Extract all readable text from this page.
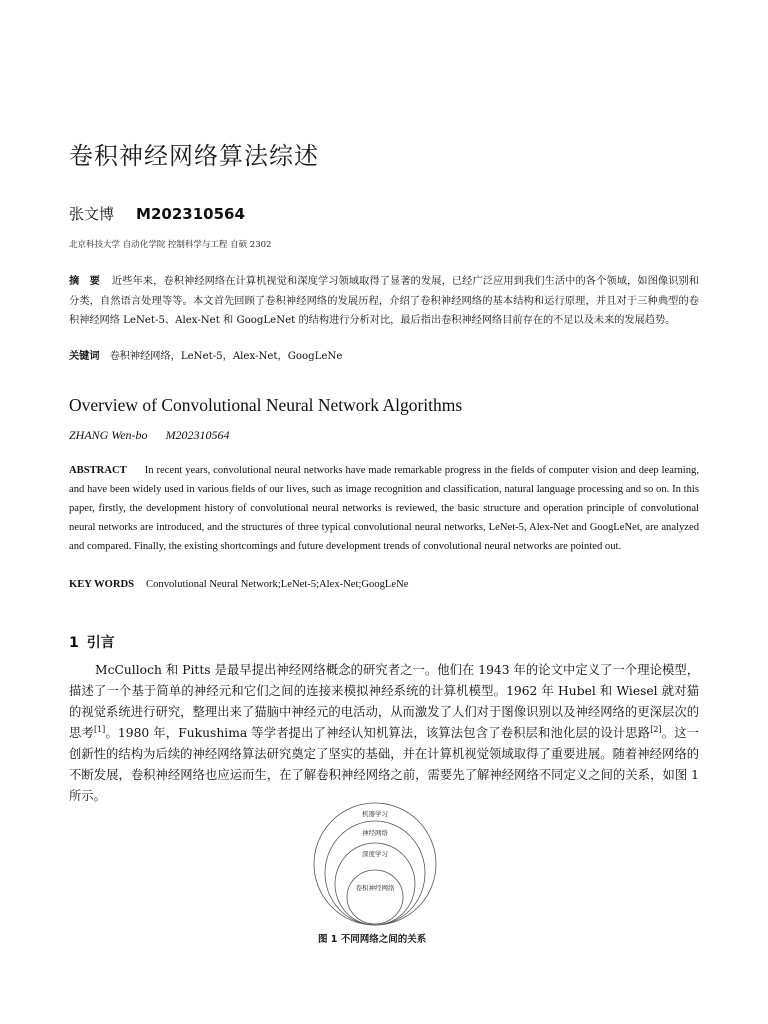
卷积神经网络算法综述
张文博 M202310564
北京科技大学 自动化学院 控制科学与工程 自硕 2302
摘　要 近些年来，卷积神经网络在计算机视觉和深度学习领域取得了显著的发展，已经广泛应用到我们生活中的各个领域，如图像识别和分类，自然语言处理等等。本文首先回顾了卷积神经网络的发展历程，介绍了卷积神经网络的基本结构和运行原理，并且对于三种典型的卷积神经网络 LeNet-5、Alex-Net 和 GoogLeNet 的结构进行分析对比，最后指出卷积神经网络目前存在的不足以及未来的发展趋势。
关键词 卷积神经网络，LeNet-5，Alex-Net，GoogLeNe
Overview of Convolutional Neural Network Algorithms
ZHANG Wen-bo M202310564
ABSTRACT In recent years, convolutional neural networks have made remarkable progress in the fields of computer vision and deep learning, and have been widely used in various fields of our lives, such as image recognition and classification, natural language processing and so on. In this paper, firstly, the development history of convolutional neural networks is reviewed, the basic structure and operation principle of convolutional neural networks are introduced, and the structures of three typical convolutional neural networks, LeNet-5, Alex-Net and GoogLeNet, are analyzed and compared. Finally, the existing shortcomings and future development trends of convolutional neural networks are pointed out.
KEY WORDS Convolutional Neural Network;LeNet-5;Alex-Net;GoogLeNe
1 引言
McCulloch 和 Pitts 是最早提出神经网络概念的研究者之一。他们在 1943 年的论文中定义了一个理论模型，描述了一个基于简单的神经元和它们之间的连接来模拟神经系统的计算机模型。1962 年 Hubel 和 Wiesel 就对猫的视觉系统进行研究，整理出来了猫脑中神经元的电活动，从而激发了人们对于图像识别以及神经网络的更深层次的思考[1]。1980 年，Fukushima 等学者提出了神经认知机算法，该算法包含了卷积层和池化层的设计思路[2]。这一创新性的结构为后续的神经网络算法研究奠定了坚实的基础，并在计算机视觉领域取得了重要进展。随着神经网络的不断发展，卷积神经网络也应运而生，在了解卷积神经网络之前，需要先了解神经网络不同定义之间的关系，如图 1 所示。
机器学习
神经网络
深度学习
卷积神经网络
图 1 不同网络之间的关系
